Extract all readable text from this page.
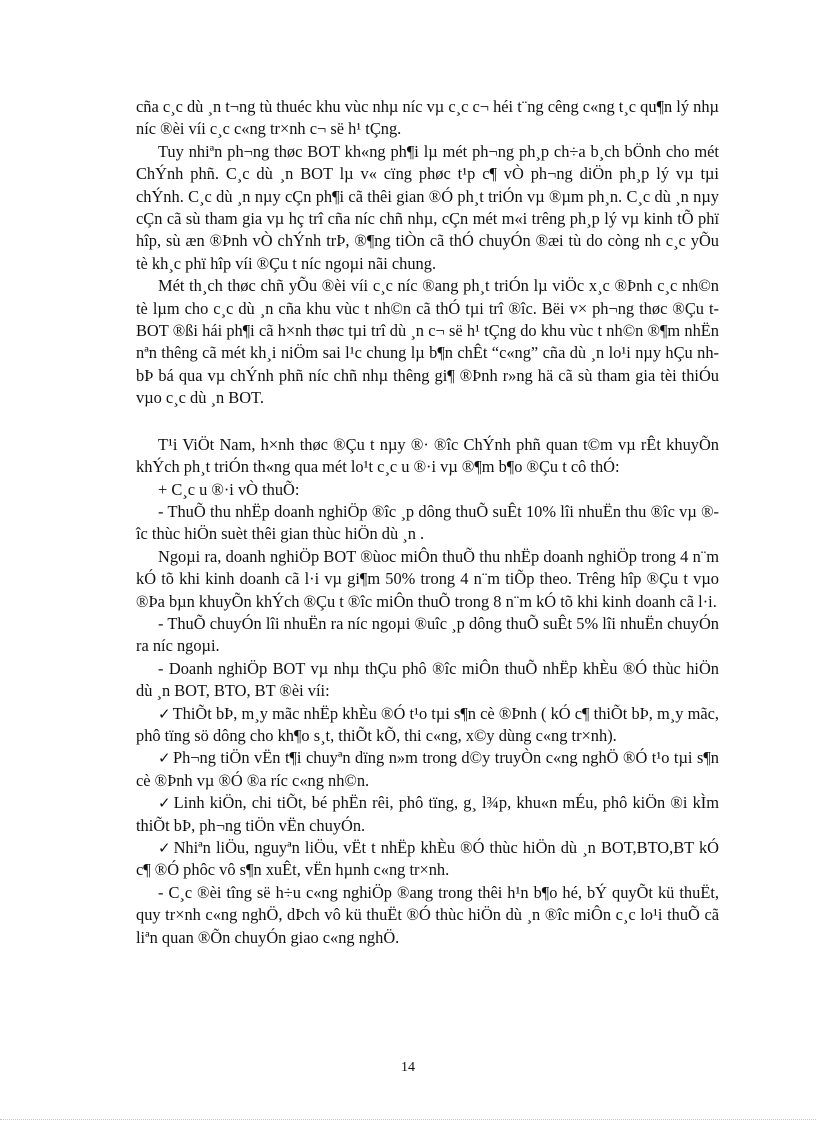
cña c¸c dù ¸n t¬ng tù thuéc khu vùc nhµ níc vµ c¸c c¬ héi t¨ng cêng c«ng t¸c qu¶n lý nhµ níc ®èi víi c¸c c«ng tr×nh c¬ së h¹ tÇng.

Tuy nhiªn ph¬ng thøc BOT kh«ng ph¶i lµ mét ph¬ng ph¸p ch÷a b¸ch bÖnh cho mét ChÝnh phñ. C¸c dù ¸n BOT lµ v« cïng phøc t¹p c¶ vÒ ph¬ng diÖn ph¸p lý vµ tµi chÝnh. C¸c dù ¸n nµy cÇn ph¶i cã thêi gian ®Ó ph¸t triÓn vµ ®µm ph¸n. C¸c dù ¸n nµy cÇn cã sù tham gia vµ hç trî cña níc chñ nhµ, cÇn mét m«i trêng ph¸p lý vµ kinh tÕ phï hîp, sù æn ®Þnh vÒ chÝnh trÞ, ®¶ng tiÒn cã thÓ chuyÓn ®æi tù do còng nh c¸c yÕu tè kh¸c phï hîp víi ®Çu t níc ngoµi nãi chung.

Mét th¸ch thøc chñ yÕu ®èi víi c¸c níc ®ang ph¸t triÓn lµ viÖc x¸c ®Þnh c¸c nh©n tè lµm cho c¸c dù ¸n cña khu vùc t nh©n cã thÓ tµi trî ®îc. Bëi v× ph¬ng thøc ®Çu t BOT ®ßi hái ph¶i cã h×nh thøc tµi trî dù ¸n c¬ së h¹ tÇng do khu vùc t nh©n ®¶m nhËn nªn thêng cã mét kh¸i niÖm sai l¹c chung lµ b¶n chÊt “c«ng” cña dù ¸n lo¹i nµy hÇu nh bÞ bá qua vµ chÝnh phñ níc chñ nhµ thêng gi¶ ®Þnh r»ng hä cã sù tham gia tèi thiÓu vµo c¸c dù ¸n BOT.

T¹i ViÖt Nam, h×nh thøc ®Çu t nµy ®· ®îc ChÝnh phñ quan t©m vµ rÊt khuyÕn khÝch ph¸t triÓn th«ng qua mét lo¹t c¸c u ®·i vµ ®¶m b¶o ®Çu t cô thÓ:

+ C¸c u ®·i vÒ thuÕ:

- ThuÕ thu nhËp doanh nghiÖp ®îc ¸p dông thuÕ suÊt 10% lîi nhuËn thu ®îc vµ ®îc thùc hiÖn suèt thêi gian thùc hiÖn dù ¸n .

Ngoµi ra, doanh nghiÖp BOT ®ùoc miÔn thuÕ thu nhËp doanh nghiÖp trong 4 n¨m kÓ tõ khi kinh doanh cã l·i vµ gi¶m 50% trong 4 n¨m tiÕp theo. Trêng hîp ®Çu t vµo ®Þa bµn khuyÕn khÝch ®Çu t ®îc miÔn thuÕ trong 8 n¨m kÓ tõ khi kinh doanh cã l·i.

- ThuÕ chuyÓn lîi nhuËn ra níc ngoµi ®uîc ¸p dông thuÕ suÊt 5% lîi nhuËn chuyÓn ra níc ngoµi.

- Doanh nghiÖp BOT vµ nhµ thÇu phô ®îc miÔn thuÕ nhËp khÈu ®Ó thùc hiÖn dù ¸n BOT, BTO, BT ®èi víi:

✓ ThiÕt bÞ, m¸y mãc nhËp khÈu ®Ó t¹o tµi s¶n cè ®Þnh ( kÓ c¶ thiÕt bÞ, m¸y mãc, phô tïng sö dông cho kh¶o s¸t, thiÕt kÕ, thi c«ng, x©y dùng c«ng tr×nh).

✓ Ph¬ng tiÖn vËn t¶i chuyªn dïng n»m trong d©y truyÒn c«ng nghÖ ®Ó t¹o tµi s¶n cè ®Þnh vµ ®Ó ®a ríc c«ng nh©n.

✓ Linh kiÖn, chi tiÕt, bé phËn rêi, phô tïng, g¸ l¾p, khu«n mÉu, phô kiÖn ®i kÌm thiÕt bÞ, ph¬ng tiÖn vËn chuyÓn.

✓ Nhiªn liÖu, nguyªn liÖu, vËt t nhËp khÈu ®Ó thùc hiÖn dù ¸n BOT,BTO,BT kÓ c¶ ®Ó phôc vô s¶n xuÊt, vËn hµnh c«ng tr×nh.

- C¸c ®èi tîng së h÷u c«ng nghiÖp ®ang trong thêi h¹n b¶o hé, bÝ quyÕt kü thuËt, quy tr×nh c«ng nghÖ, dÞch vô kü thuËt ®Ó thùc hiÖn dù ¸n ®îc miÔn c¸c lo¹i thuÕ cã liªn quan ®Õn chuyÓn giao c«ng nghÖ.

14
